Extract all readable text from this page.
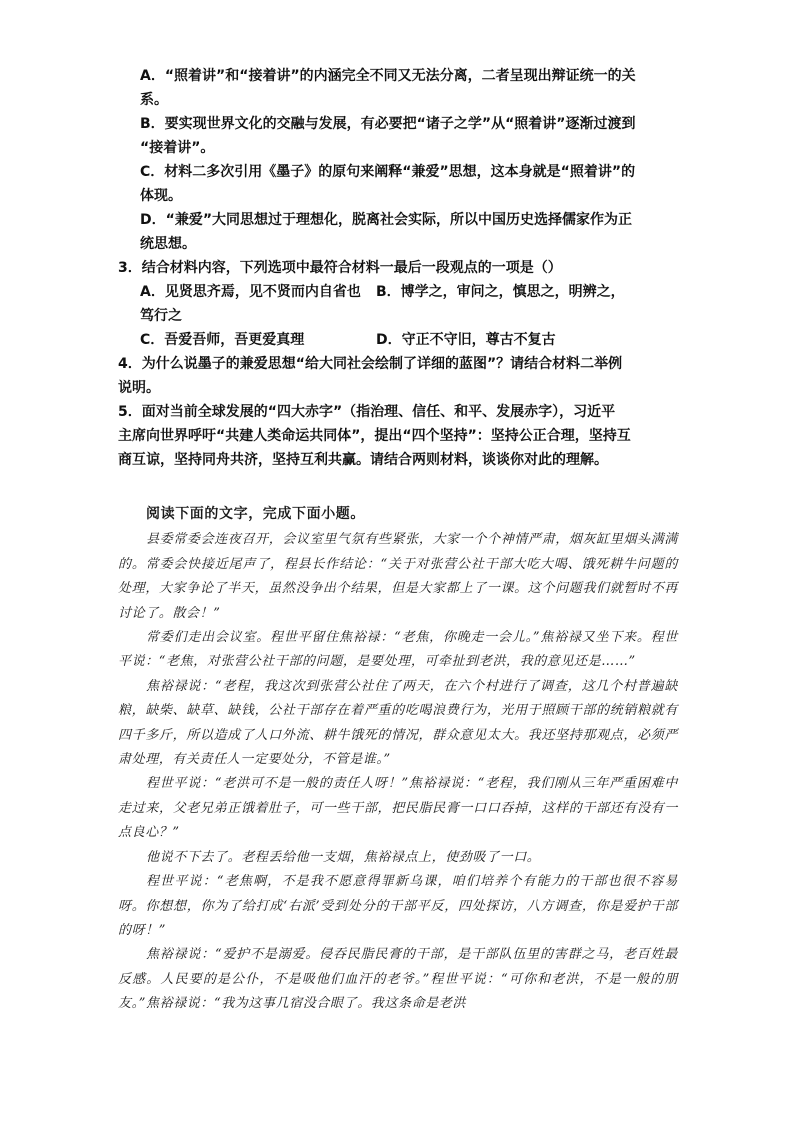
A．“照着讲”和“接着讲”的内涵完全不同又无法分离，二者呈现出辩证统一的关
系。
B．要实现世界文化的交融与发展，有必要把“诸子之学”从“照着讲”逐渐过渡到
“接着讲”。
C．材料二多次引用《墨子》的原句来阐释“兼爱”思想，这本身就是“照着讲”的
体现。
D．“兼爱”大同思想过于理想化，脱离社会实际，所以中国历史选择儒家作为正
统思想。
3．结合材料内容，下列选项中最符合材料一最后一段观点的一项是（）
A．见贤思齐焉，见不贤而内自省也	B．博学之，审问之，慎思之，明辨之，
笃行之
C．吾爱吾师，吾更爱真理	D．守正不守旧，尊古不复古
4．为什么说墨子的兼爱思想“给大同社会绘制了详细的蓝图”？请结合材料二举例
说明。
5．面对当前全球发展的“四大赤字”（指治理、信任、和平、发展赤字），习近平
主席向世界呼吁“共建人类命运共同体”，提出“四个坚持”：坚持公正合理，坚持互
商互谅，坚持同舟共济，坚持互利共赢。请结合两则材料，谈谈你对此的理解。
阅读下面的文字，完成下面小题。

县委常委会连夜召开，会议室里气氛有些紧张，大家一个个神情严肃，烟灰缸里烟头满满的。常委会快接近尾声了，程县长作结论：“关于对张营公社干部大吃大喝、饿死耕牛问题的处理，大家争论了半天，虽然没争出个结果，但是大家都上了一课。这个问题我们就暂时不再讨论了。散会！”

常委们走出会议室。程世平留住焦裕禄：“老焦，你晚走一会儿。”焦裕禄又坐下来。程世平说：“老焦，对张营公社干部的问题，是要处理，可牵扯到老洪，我的意见还是……”

焦裕禄说：“老程，我这次到张营公社住了两天，在六个村进行了调查，这几个村普遍缺粮，缺柴、缺草、缺钱，公社干部存在着严重的吃喝浪费行为，光用于照顾干部的统销粮就有四千多斤，所以造成了人口外流、耕牛饿死的情况，群众意见太大。我还坚持那观点，必须严肃处理，有关责任人一定要处分，不管是谁。”

程世平说：“老洪可不是一般的责任人呀！”焦裕禄说：“老程，我们刚从三年严重困难中走过来，父老兄弟正饿着肚子，可一些干部，把民脂民膏一口口吞掉，这样的干部还有没有一点良心？”

他说不下去了。老程丢给他一支烟，焦裕禄点上，使劲吸了一口。

程世平说：“老焦啊，不是我不愿意得罪新乌课，咱们培养个有能力的干部也很不容易呀。你想想，你为了给打成‘右派’受到处分的干部平反，四处探访，八方调查，你是爱护干部的呀！”

焦裕禄说：“爱护不是溺爱。侵吞民脂民膏的干部，是干部队伍里的害群之马，老百姓最反感。人民要的是公仆，不是吸他们血汗的老爷。”程世平说：“可你和老洪，不是一般的朋友。”焦裕禄说：“我为这事几宿没合眼了。我这条命是老洪
